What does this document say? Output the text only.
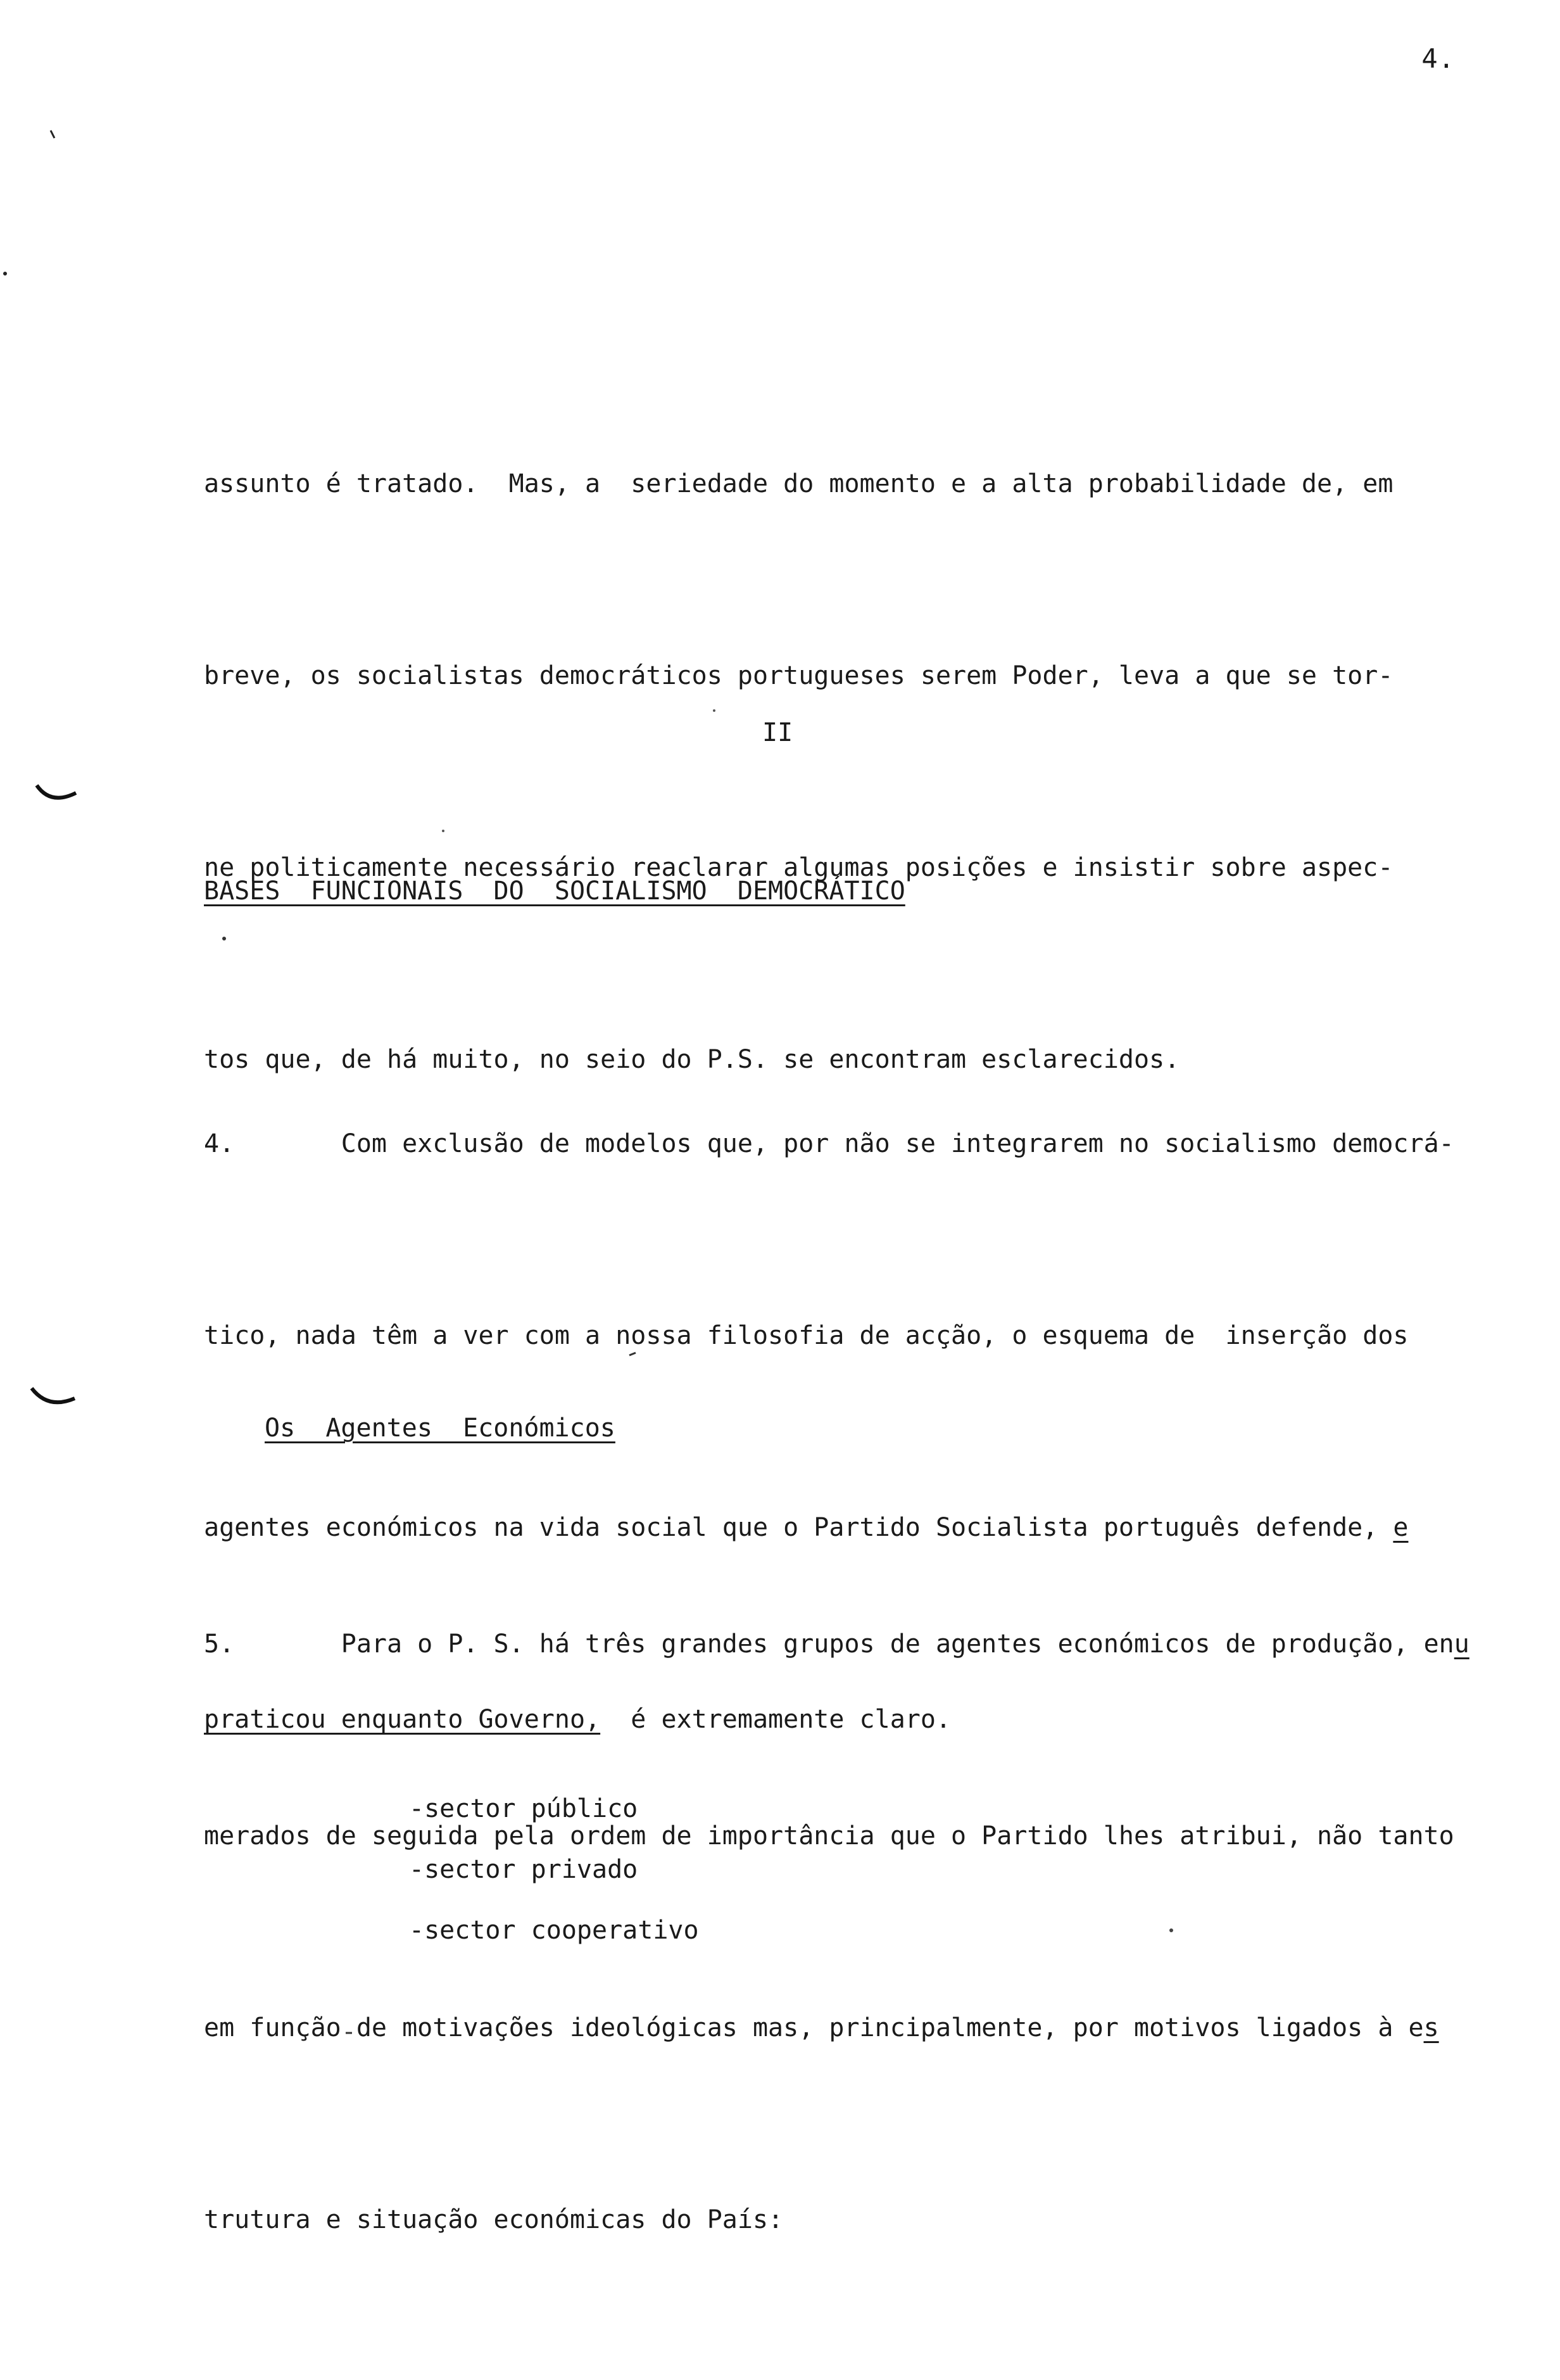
4.

assunto é tratado.  Mas, a  seriedade do momento e a alta probabilidade de, em

breve, os socialistas democráticos portugueses serem Poder, leva a que se tor-

ne politicamente necessário reaclarar algumas posições e insistir sobre aspec-

tos que, de há muito, no seio do P.S. se encontram esclarecidos.

II
BASES  FUNCIONAIS  DO  SOCIALISMO  DEMOCRÁTICO

4.       Com exclusão de modelos que, por não se integrarem no socialismo democrá-

tico, nada têm a ver com a nossa filosofia de acção, o esquema de  inserção dos

agentes económicos na vida social que o Partido Socialista português defende, e

praticou enquanto Governo,  é extremamente claro.

Os  Agentes  Económicos

5.       Para o P. S. há três grandes grupos de agentes económicos de produção, enu

merados de seguida pela ordem de importância que o Partido lhes atribui, não tanto

em função de motivações ideológicas mas, principalmente, por motivos ligados à es

trutura e situação económicas do País:

-sector público
-sector privado
-sector cooperativo
